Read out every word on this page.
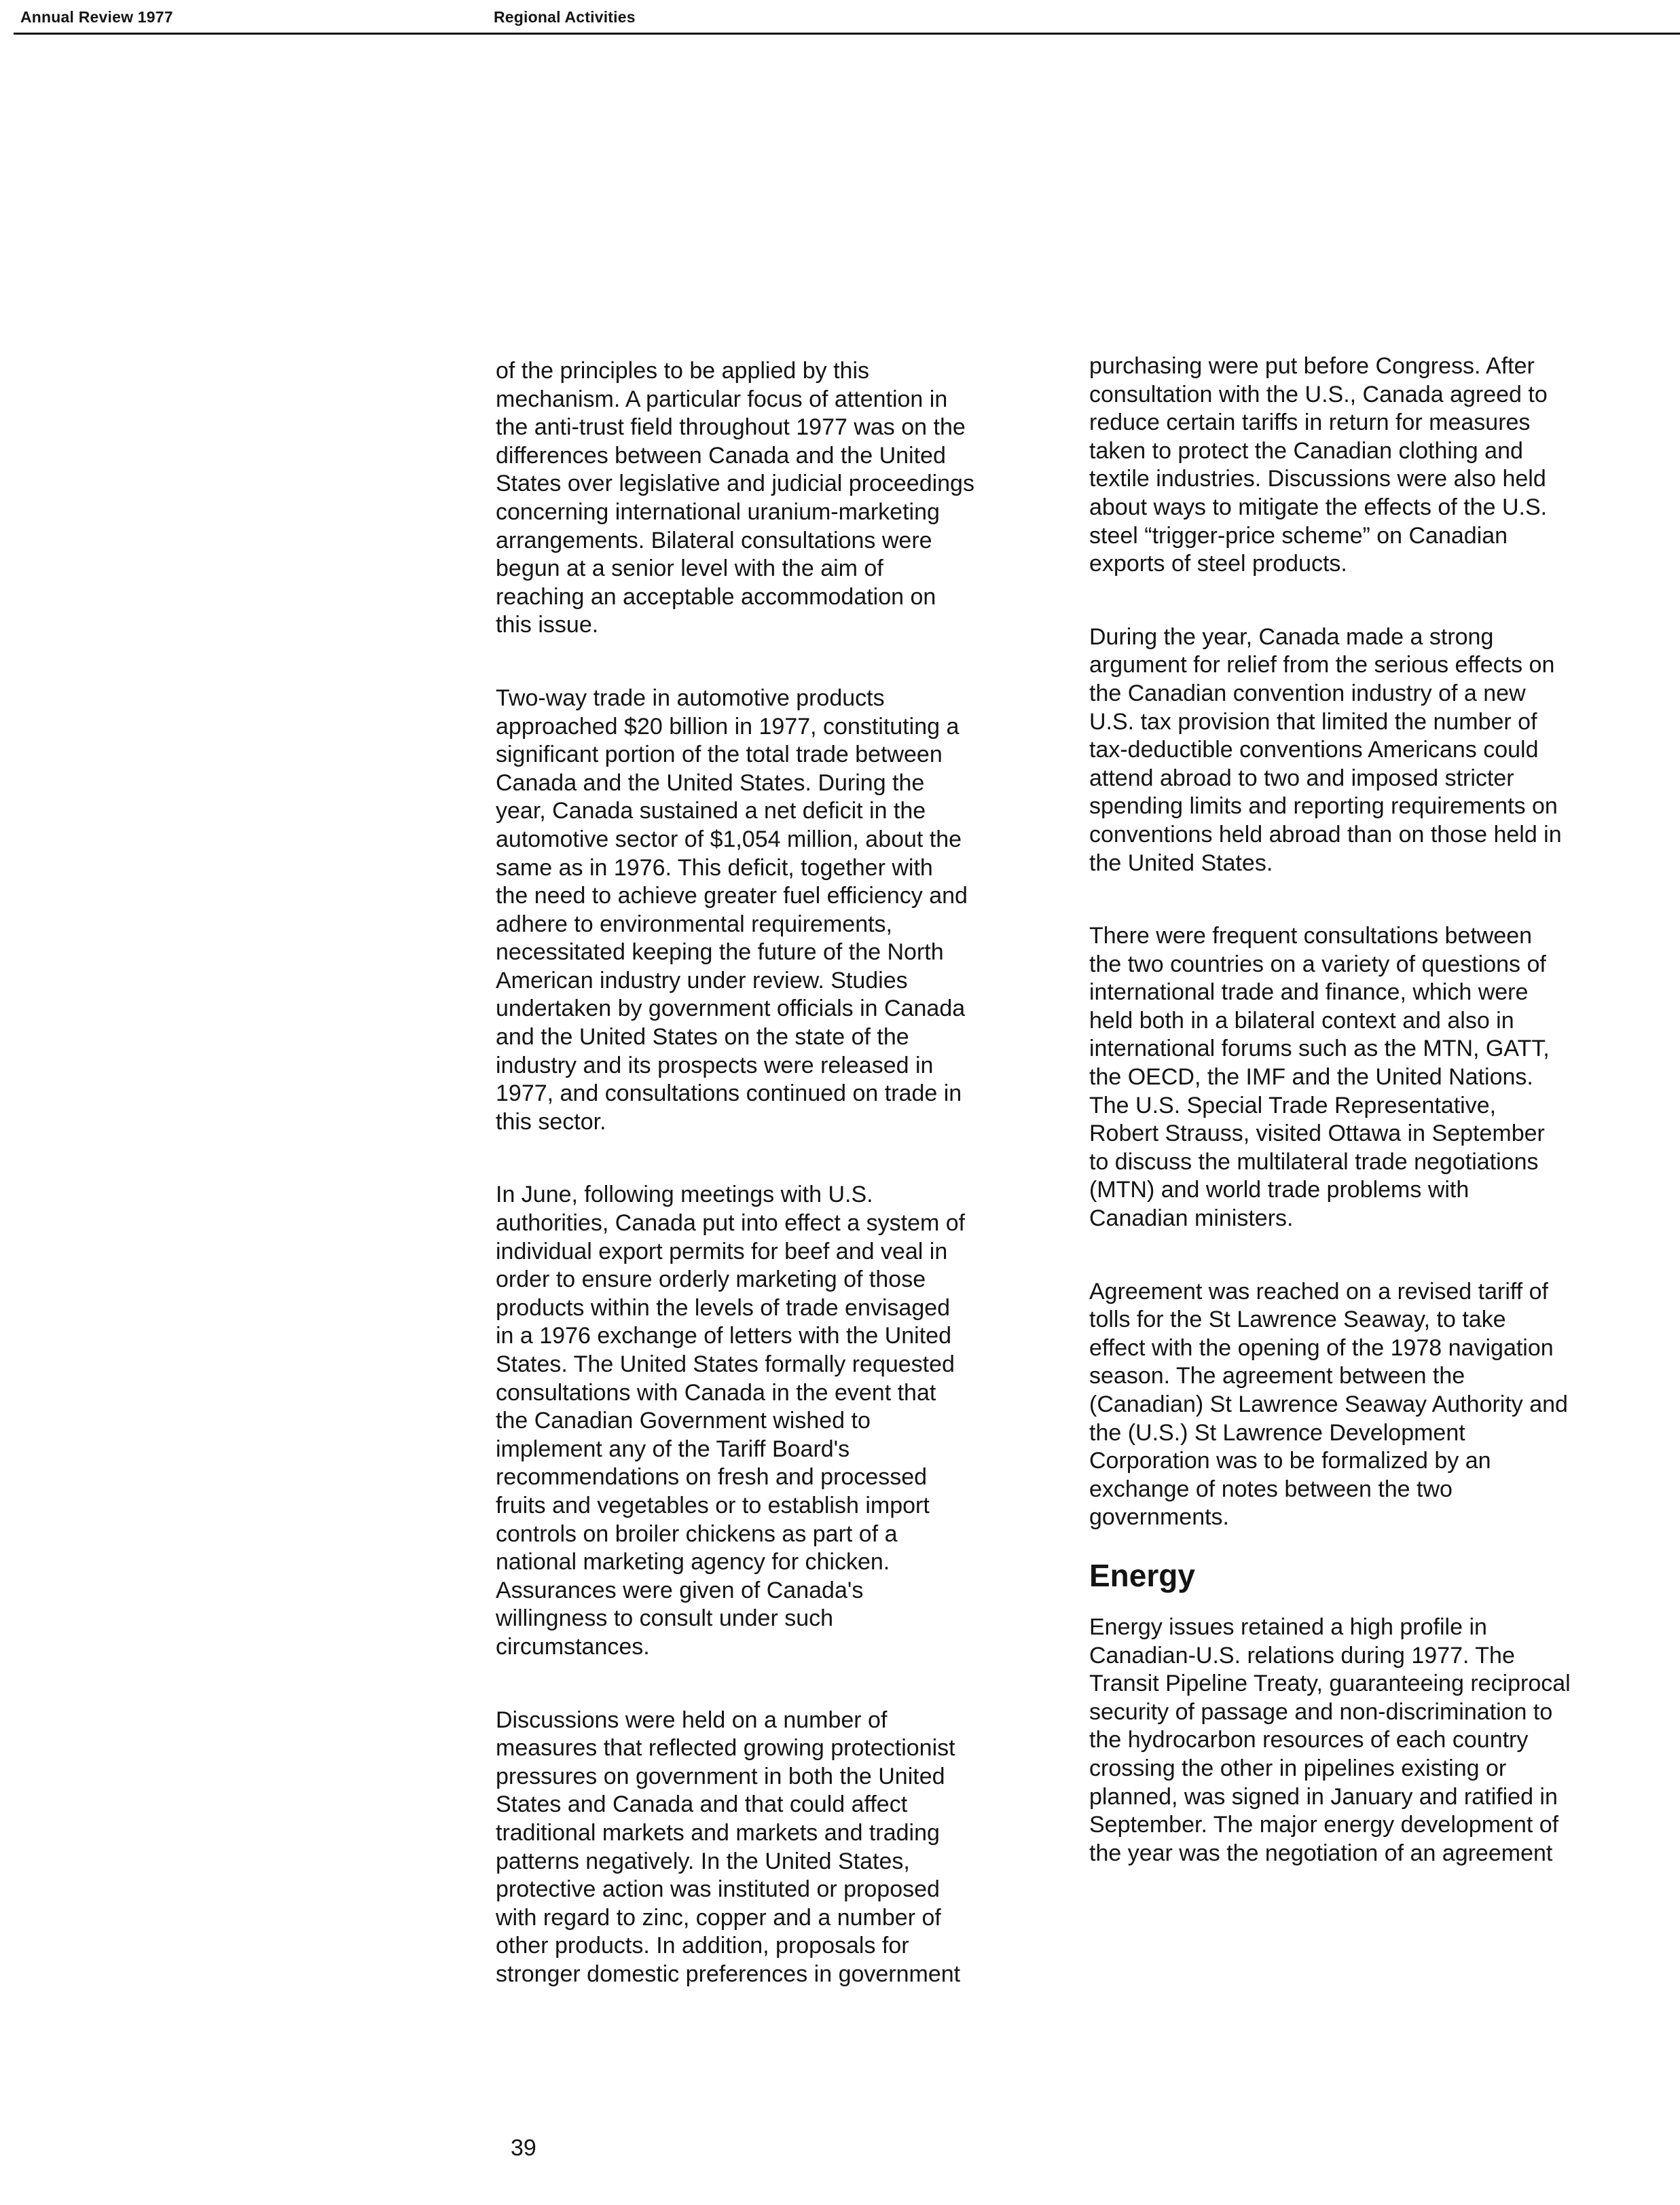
Annual Review 1977	Regional Activities

of the principles to be applied by this
mechanism. A particular focus of attention in
the anti-trust field throughout 1977 was on the
differences between Canada and the United
States over legislative and judicial proceedings
concerning international uranium-marketing
arrangements. Bilateral consultations were
begun at a senior level with the aim of
reaching an acceptable accommodation on
this issue.

Two-way trade in automotive products
approached $20 billion in 1977, constituting a
significant portion of the total trade between
Canada and the United States. During the
year, Canada sustained a net deficit in the
automotive sector of $1,054 million, about the
same as in 1976. This deficit, together with
the need to achieve greater fuel efficiency and
adhere to environmental requirements,
necessitated keeping the future of the North
American industry under review. Studies
undertaken by government officials in Canada
and the United States on the state of the
industry and its prospects were released in
1977, and consultations continued on trade in
this sector.

In June, following meetings with U.S.
authorities, Canada put into effect a system of
individual export permits for beef and veal in
order to ensure orderly marketing of those
products within the levels of trade envisaged
in a 1976 exchange of letters with the United
States. The United States formally requested
consultations with Canada in the event that
the Canadian Government wished to
implement any of the Tariff Board's
recommendations on fresh and processed
fruits and vegetables or to establish import
controls on broiler chickens as part of a
national marketing agency for chicken.
Assurances were given of Canada's
willingness to consult under such
circumstances.

Discussions were held on a number of
measures that reflected growing protectionist
pressures on government in both the United
States and Canada and that could affect
traditional markets and markets and trading
patterns negatively. In the United States,
protective action was instituted or proposed
with regard to zinc, copper and a number of
other products. In addition, proposals for
stronger domestic preferences in government

purchasing were put before Congress. After
consultation with the U.S., Canada agreed to
reduce certain tariffs in return for measures
taken to protect the Canadian clothing and
textile industries. Discussions were also held
about ways to mitigate the effects of the U.S.
steel “trigger-price scheme” on Canadian
exports of steel products.

During the year, Canada made a strong
argument for relief from the serious effects on
the Canadian convention industry of a new
U.S. tax provision that limited the number of
tax-deductible conventions Americans could
attend abroad to two and imposed stricter
spending limits and reporting requirements on
conventions held abroad than on those held in
the United States.

There were frequent consultations between
the two countries on a variety of questions of
international trade and finance, which were
held both in a bilateral context and also in
international forums such as the MTN, GATT,
the OECD, the IMF and the United Nations.
The U.S. Special Trade Representative,
Robert Strauss, visited Ottawa in September
to discuss the multilateral trade negotiations
(MTN) and world trade problems with
Canadian ministers.

Agreement was reached on a revised tariff of
tolls for the St Lawrence Seaway, to take
effect with the opening of the 1978 navigation
season. The agreement between the
(Canadian) St Lawrence Seaway Authority and
the (U.S.) St Lawrence Development
Corporation was to be formalized by an
exchange of notes between the two
governments.

Energy

Energy issues retained a high profile in
Canadian-U.S. relations during 1977. The
Transit Pipeline Treaty, guaranteeing reciprocal
security of passage and non-discrimination to
the hydrocarbon resources of each country
crossing the other in pipelines existing or
planned, was signed in January and ratified in
September. The major energy development of
the year was the negotiation of an agreement

39
